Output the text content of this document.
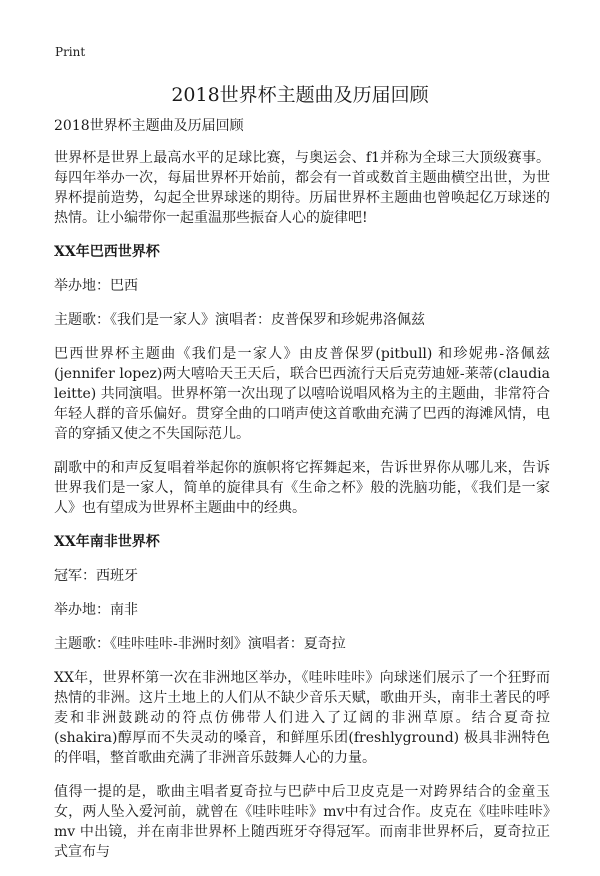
Print
2018世界杯主题曲及历届回顾

2018世界杯主题曲及历届回顾

世界杯是世界上最高水平的足球比赛，与奥运会、f1并称为全球三大顶级赛事。每四年举办一次，每届世界杯开始前，都会有一首或数首主题曲横空出世，为世界杯提前造势，勾起全世界球迷的期待。历届世界杯主题曲也曾唤起亿万球迷的热情。让小编带你一起重温那些振奋人心的旋律吧!

XX年巴西世界杯

举办地：巴西

主题歌：《我们是一家人》演唱者：皮普保罗和珍妮弗洛佩兹

巴西世界杯主题曲《我们是一家人》由皮普保罗(pitbull) 和珍妮弗-洛佩兹(jennifer lopez)两大嘻哈天王天后，联合巴西流行天后克劳迪娅-莱蒂(claudia leitte) 共同演唱。世界杯第一次出现了以嘻哈说唱风格为主的主题曲，非常符合年轻人群的音乐偏好。贯穿全曲的口哨声使这首歌曲充满了巴西的海滩风情，电音的穿插又使之不失国际范儿。

副歌中的和声反复唱着举起你的旗帜将它挥舞起来，告诉世界你从哪儿来，告诉世界我们是一家人，简单的旋律具有《生命之杯》般的洗脑功能，《我们是一家人》也有望成为世界杯主题曲中的经典。

XX年南非世界杯

冠军：西班牙

举办地：南非

主题歌：《哇咔哇咔-非洲时刻》演唱者：夏奇拉

XX年，世界杯第一次在非洲地区举办，《哇咔哇咔》向球迷们展示了一个狂野而热情的非洲。这片土地上的人们从不缺少音乐天赋，歌曲开头，南非土著民的呼麦和非洲鼓跳动的符点仿佛带人们进入了辽阔的非洲草原。结合夏奇拉(shakira)醇厚而不失灵动的嗓音，和鲜厘乐团(freshlyground) 极具非洲特色的伴唱，整首歌曲充满了非洲音乐鼓舞人心的力量。

值得一提的是，歌曲主唱者夏奇拉与巴萨中后卫皮克是一对跨界结合的金童玉女，两人坠入爱河前，就曾在《哇咔哇咔》mv中有过合作。皮克在《哇咔哇咔》mv 中出镜，并在南非世界杯上随西班牙夺得冠军。而南非世界杯后，夏奇拉正式宣布与
